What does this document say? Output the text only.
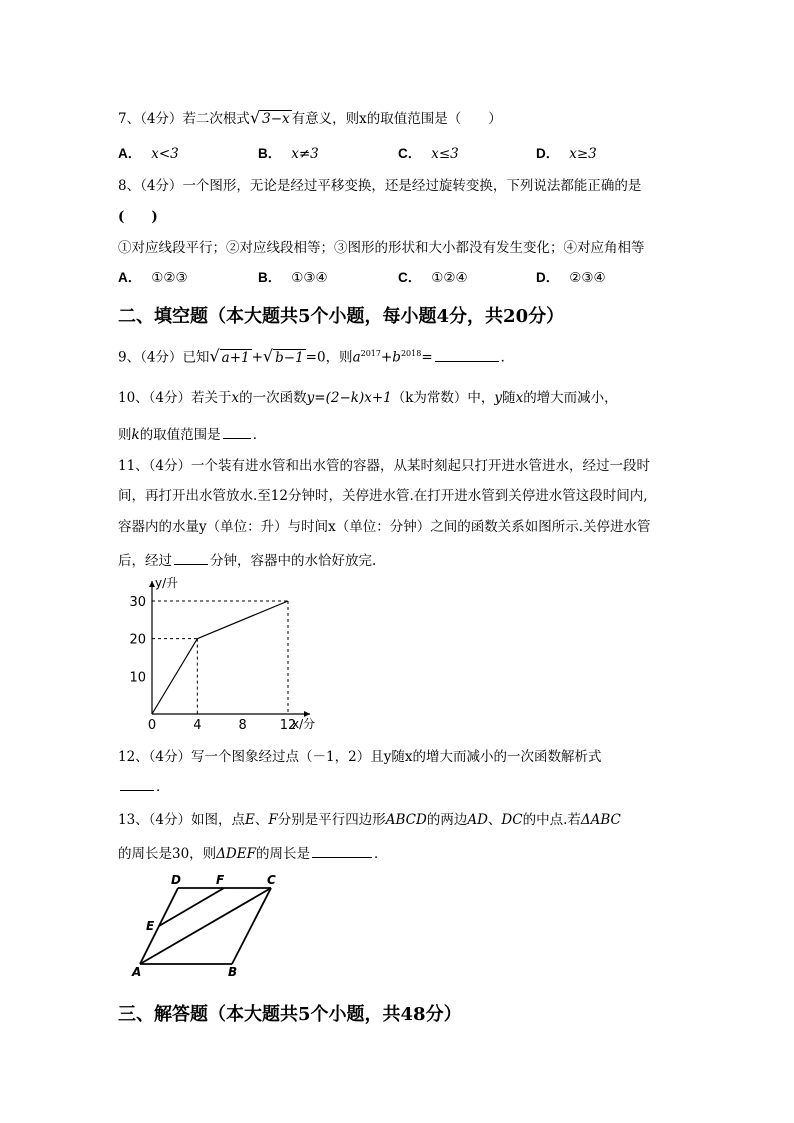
7、（4分）若二次根式√ 3−x 有意义，则x的取值范围是（　　）
A． x<3	B． x≠3	C． x≤3	D． x≥3
8、（4分）一个图形，无论是经过平移变换，还是经过旋转变换，下列说法都能正确的是
(　　)
①对应线段平行；②对应线段相等；③图形的形状和大小都没有发生变化；④对应角相等
A． ①②③	B． ①③④	C． ①②④	D． ②③④
二、填空题（本大题共5个小题，每小题4分，共20分）
9、（4分）已知√ a+1 +√ b−1 =0，则$a^{2017}+b^{2018}=$	．
10、（4分）若关于x的一次函数y=(2−k)x+1（k为常数）中，y随x的增大而减小，
则k的取值范围是 ．
11、（4分）一个装有进水管和出水管的容器，从某时刻起只打开进水管进水，经过一段时
间，再打开出水管放水.至12分钟时，关停进水管.在打开进水管到关停进水管这段时间内,
容器内的水量y（单位：升）与时间x（单位：分钟）之间的函数关系如图所示.关停进水管
后，经过	分钟，容器中的水恰好放完.
0	4	8	12
10
20
30
y/升
x/分
12、（4分）写一个图象经过点（－1，2）且y随x的增大而减小的一次函数解析式
．
13、（4分）如图，点E、F分别是平行四边形ABCD的两边AD、DC的中点.若ΔABC
的周长是30，则ΔDEF的周长是	．
D	F	C
E
A	B
三、解答题（本大题共5个小题，共48分）
